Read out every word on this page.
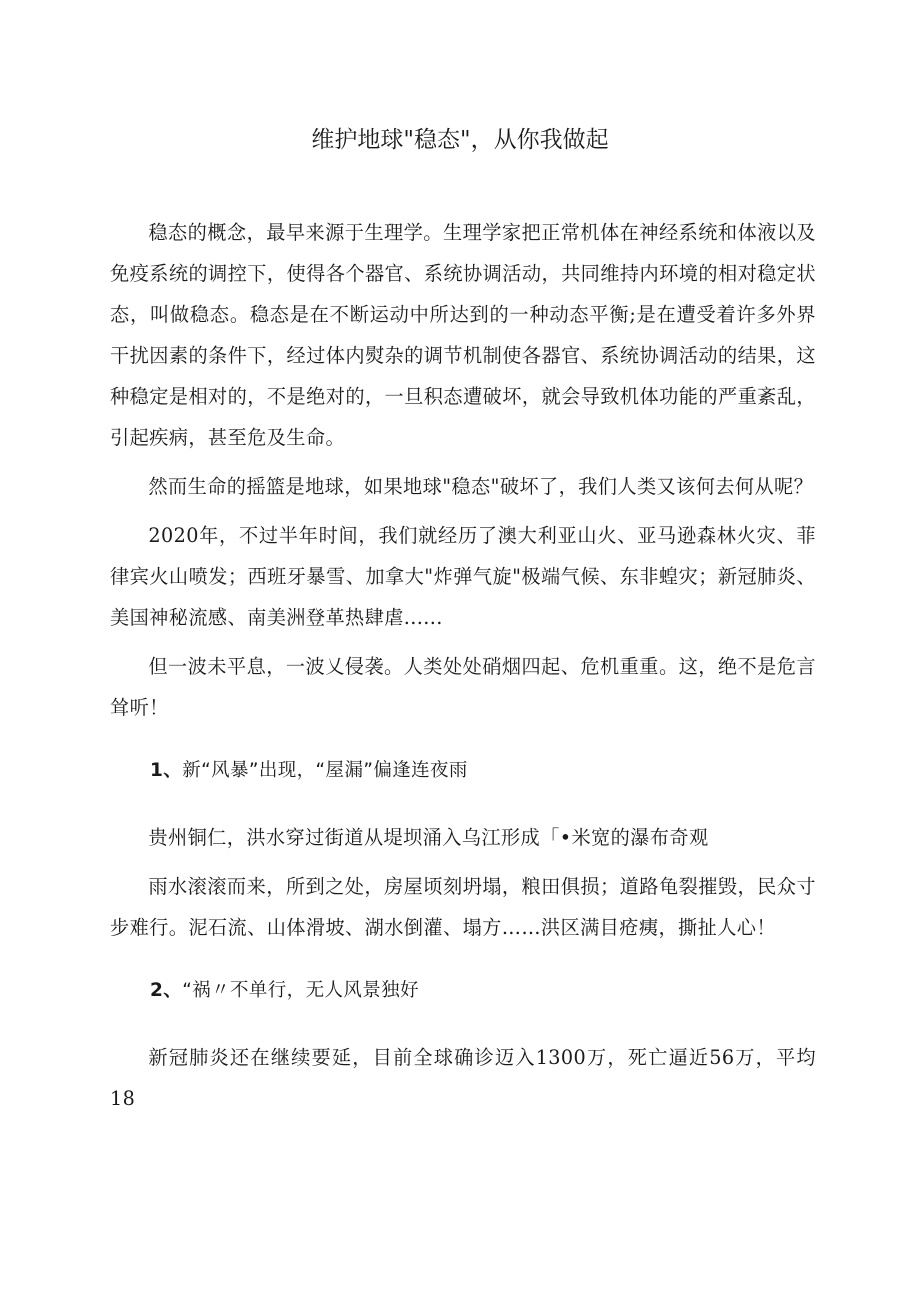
维护地球"稳态"，从你我做起

稳态的概念，最早来源于生理学。生理学家把正常机体在神经系统和体液以及免疫系统的调控下，使得各个器官、系统协调活动，共同维持内环境的相对稳定状态，叫做稳态。稳态是在不断运动中所达到的一种动态平衡;是在遭受着许多外界干扰因素的条件下，经过体内熨杂的调节机制使各器官、系统协调活动的结果，这种稳定是相对的，不是绝对的，一旦积态遭破坏，就会导致机体功能的严重紊乱，引起疾病，甚至危及生命。

然而生命的摇篮是地球，如果地球"稳态"破坏了，我们人类又该何去何从呢？

2020年，不过半年时间，我们就经历了澳大利亚山火、亚马逊森林火灾、菲律宾火山喷发；西班牙暴雪、加拿大"炸弹气旋"极端气候、东非蝗灾；新冠肺炎、美国神秘流感、南美洲登革热肆虐......

但一波未平息，一波乂侵袭。人类处处硝烟四起、危机重重。这，绝不是危言耸听！

1、新“风暴”出现，“屋漏”偏逢连夜雨

贵州铜仁，洪水穿过街道从堤坝涌入乌江形成「•米宽的瀑布奇观

雨水滚滚而来，所到之处，房屋顷刻坍塌，粮田俱损；道路龟裂摧毁，民众寸步难行。泥石流、山体滑坡、湖水倒灌、塌方……洪区满目疮痍，撕扯人心！

2、“祸〃不单行，无人风景独好

新冠肺炎还在继续要延，目前全球确诊迈入1300万，死亡逼近56万，平均18
